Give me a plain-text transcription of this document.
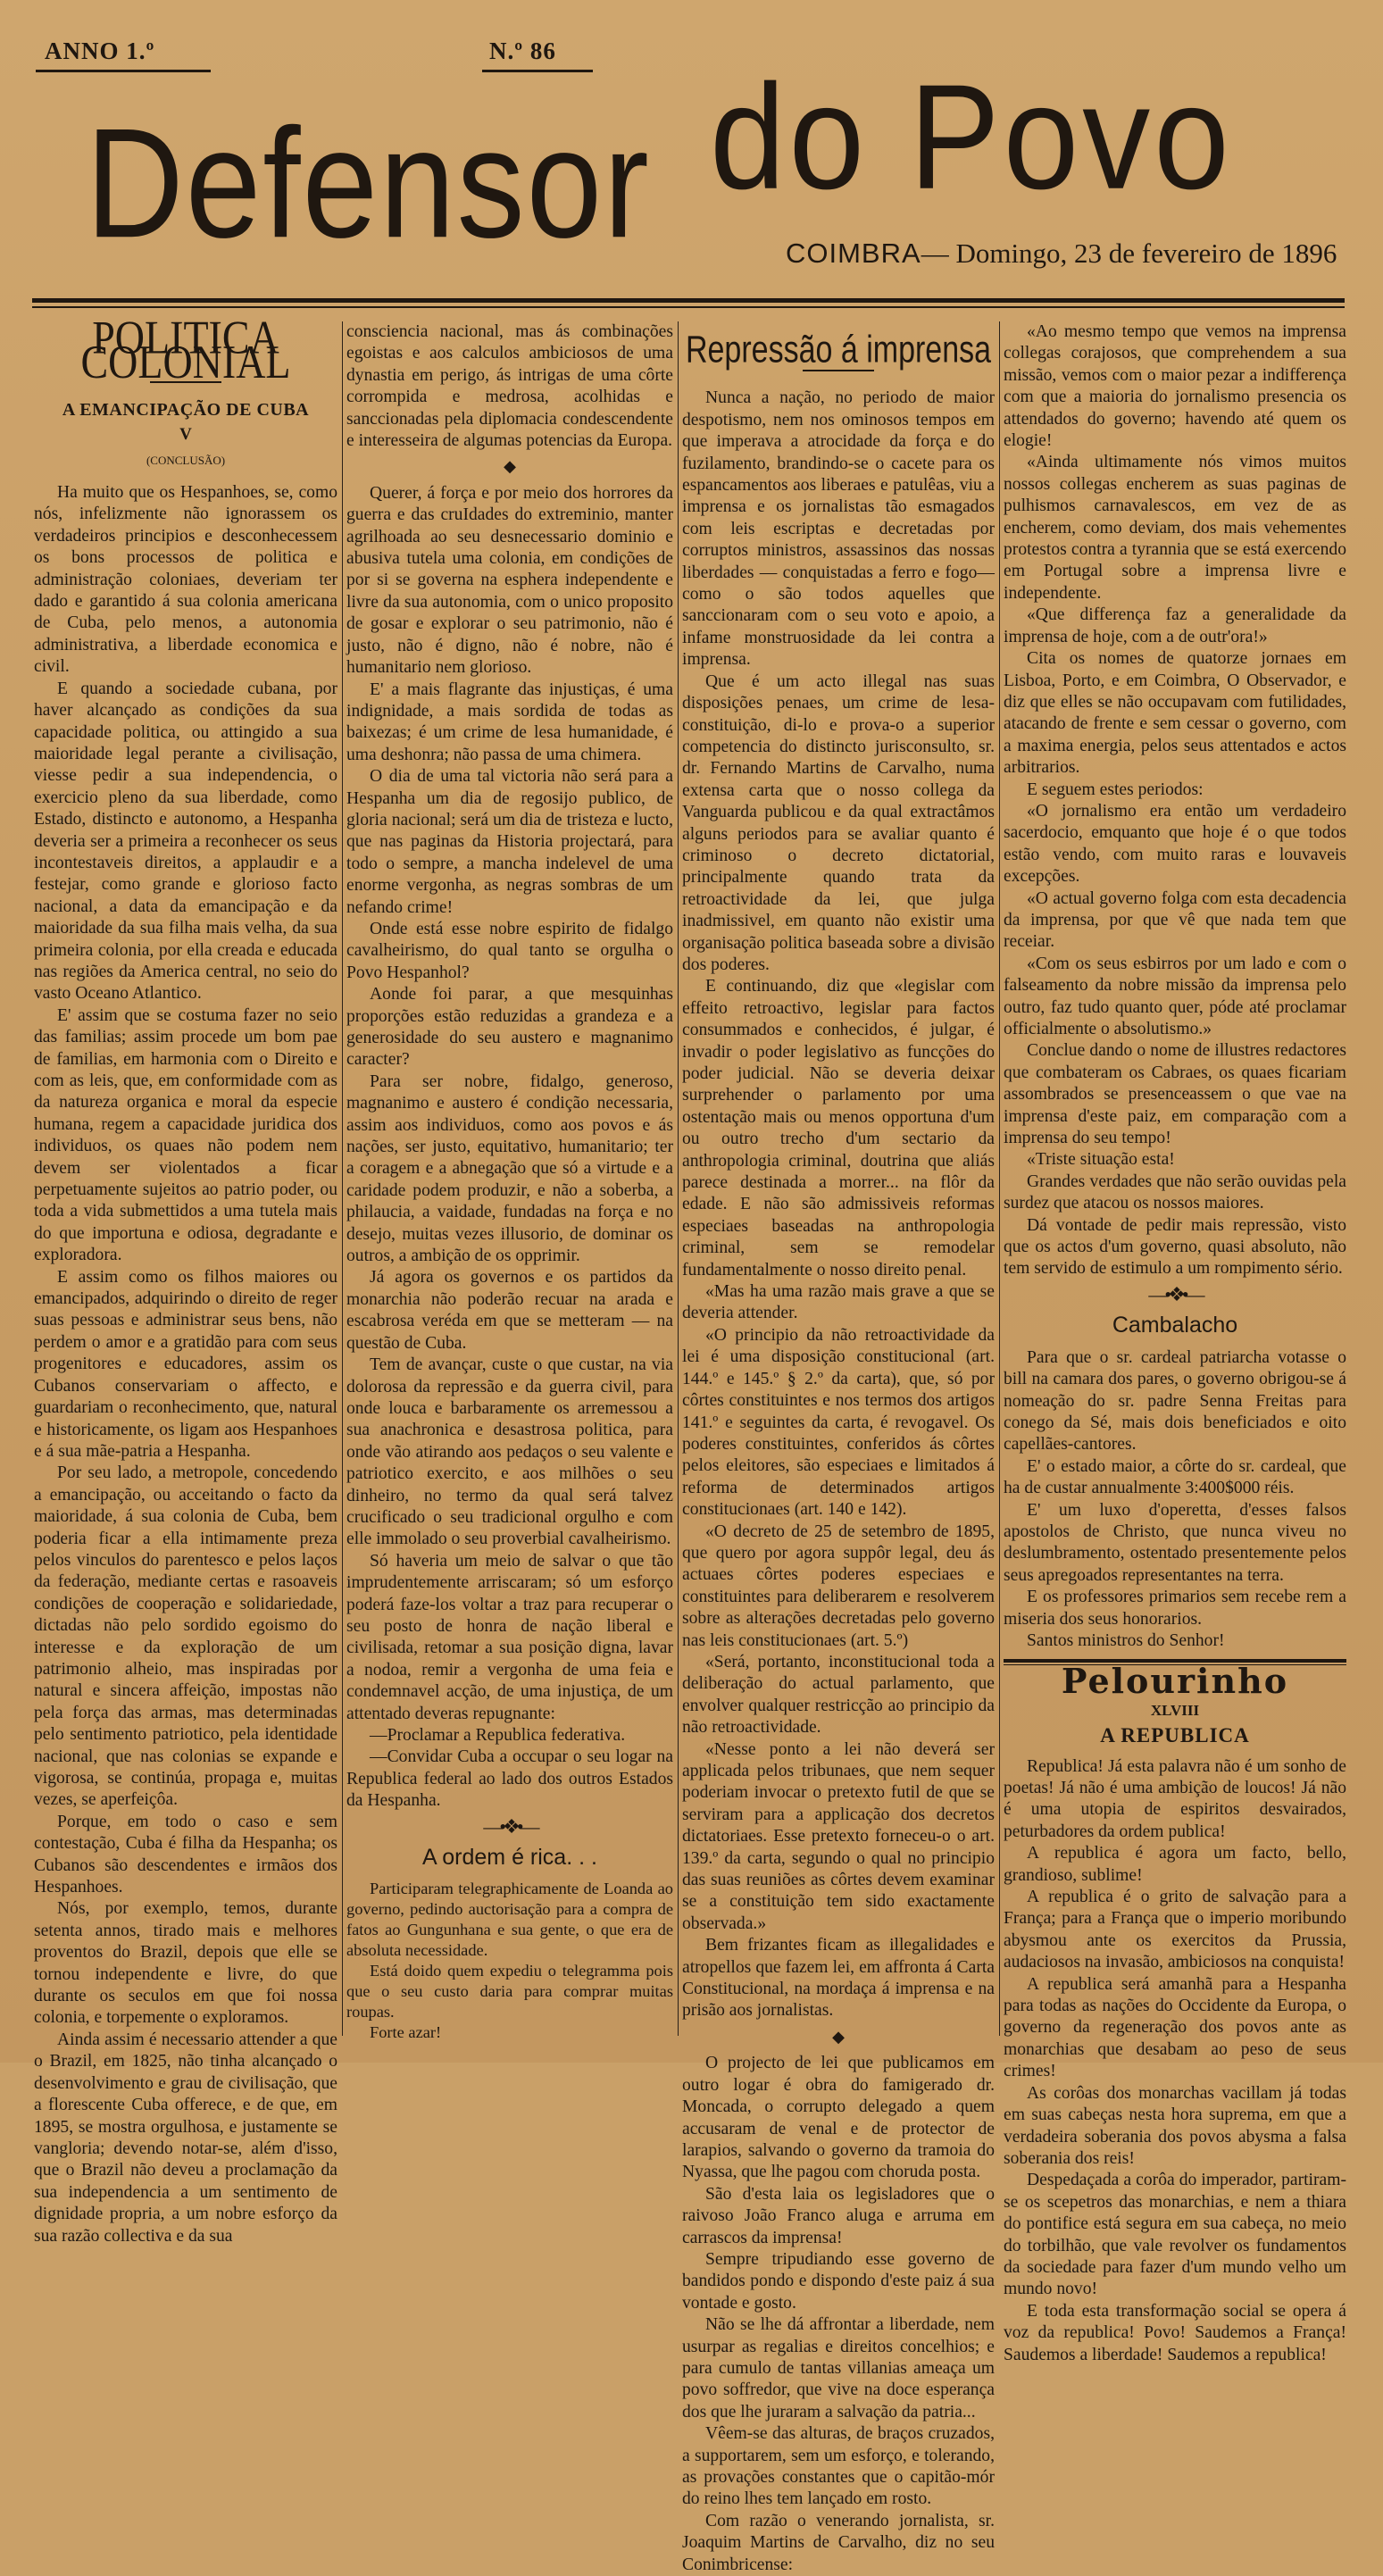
ANNO 1.º	N.º 86
Defensor do Povo
COIMBRA— Domingo, 23 de fevereiro de 1896
POLITICA COLONIAL
A EMANCIPAÇÃO DE CUBA
V
(CONCLUSÃO)

Ha muito que os Hespanhoes, se, como nós, infelizmente não ignorassem os verdadeiros principios e desconhecessem os bons processos de politica e administração coloniaes, deveriam ter dado e garantido á sua colonia americana de Cuba, pelo menos, a autonomia administrativa, a liberdade economica e civil.

E quando a sociedade cubana, por haver alcançado as condições da sua capacidade politica, ou attingido a sua maioridade legal perante a civilisação, viesse pedir a sua independencia, o exercicio pleno da sua liberdade, como Estado, distincto e autonomo, a Hespanha deveria ser a primeira a reconhecer os seus incontestaveis direitos, a applaudir e a festejar, como grande e glorioso facto nacional, a data da emancipação e da maioridade da sua filha mais velha, da sua primeira colonia, por ella creada e educada nas regiões da America central, no seio do vasto Oceano Atlantico.

E' assim que se costuma fazer no seio das familias; assim procede um bom pae de familias, em harmonia com o Direito e com as leis, que, em conformidade com as da natureza organica e moral da especie humana, regem a capacidade juridica dos individuos, os quaes não podem nem devem ser violentados a ficar perpetuamente sujeitos ao patrio poder, ou toda a vida submettidos a uma tutela mais do que importuna e odiosa, degradante e exploradora.

E assim como os filhos maiores ou emancipados, adquirindo o direito de reger suas pessoas e administrar seus bens, não perdem o amor e a gratidão para com seus progenitores e educadores, assim os Cubanos conservariam o affecto, e guardariam o reconhecimento, que, natural e historicamente, os ligam aos Hespanhoes e á sua mãe-patria a Hespanha.

Por seu lado, a metropole, concedendo a emancipação, ou acceitando o facto da maioridade, á sua colonia de Cuba, bem poderia ficar a ella intimamente preza pelos vinculos do parentesco e pelos laços da federação, mediante certas e rasoaveis condições de cooperação e solidariedade, dictadas não pelo sordido egoismo do interesse e da exploração de um patrimonio alheio, mas inspiradas por natural e sincera affeição, impostas não pela força das armas, mas determinadas pelo sentimento patriotico, pela identidade nacional, que nas colonias se expande e vigorosa, se continúa, propaga e, muitas vezes, se aperfeiçôa.

Porque, em todo o caso e sem contestação, Cuba é filha da Hespanha; os Cubanos são descendentes e irmãos dos Hespanhoes.

Nós, por exemplo, temos, durante setenta annos, tirado mais e melhores proventos do Brazil, depois que elle se tornou independente e livre, do que durante os seculos em que foi nossa colonia, e torpemente o exploramos.

Ainda assim é necessario attender a que o Brazil, em 1825, não tinha alcançado o desenvolvimento e grau de civilisação, que a florescente Cuba offerece, e de que, em 1895, se mostra orgulhosa, e justamente se vangloria; devendo notar-se, além d'isso, que o Brazil não deveu a proclamação da sua independencia a um sentimento de dignidade propria, a um nobre esforço da sua razão collectiva e da sua

consciencia nacional, mas ás combinações egoistas e aos calculos ambiciosos de uma dynastia em perigo, ás intrigas de uma côrte corrompida e medrosa, acolhidas e sanccionadas pela diplomacia condescendente e interesseira de algumas potencias da Europa.

◆

Querer, á força e por meio dos horrores da guerra e das cruIdades do extreminio, manter agrilhoada ao seu desnecessario dominio e abusiva tutela uma colonia, em condições de por si se governa na esphera independente e livre da sua autonomia, com o unico proposito de gosar e explorar o seu patrimonio, não é justo, não é digno, não é nobre, não é humanitario nem glorioso.

E' a mais flagrante das injustiças, é uma indignidade, a mais sordida de todas as baixezas; é um crime de lesa humanidade, é uma deshonra; não passa de uma chimera.

O dia de uma tal victoria não será para a Hespanha um dia de regosijo publico, de gloria nacional; será um dia de tristeza e lucto, que nas paginas da Historia projectará, para todo o sempre, a mancha indelevel de uma enorme vergonha, as negras sombras de um nefando crime!

Onde está esse nobre espirito de fidalgo cavalheirismo, do qual tanto se orgulha o Povo Hespanhol?

Aonde foi parar, a que mesquinhas proporções estão reduzidas a grandeza e a generosidade do seu austero e magnanimo caracter?

Para ser nobre, fidalgo, generoso, magnanimo e austero é condição necessaria, assim aos individuos, como aos povos e ás nações, ser justo, equitativo, humanitario; ter a coragem e a abnegação que só a virtude e a caridade podem produzir, e não a soberba, a philaucia, a vaidade, fundadas na força e no desejo, muitas vezes illusorio, de dominar os outros, a ambição de os opprimir.

Já agora os governos e os partidos da monarchia não poderão recuar na arada e escabrosa veréda em que se metteram — na questão de Cuba.

Tem de avançar, custe o que custar, na via dolorosa da repressão e da guerra civil, para onde louca e barbaramente os arremessou a sua anachronica e desastrosa politica, para onde vão atirando aos pedaços o seu valente e patriotico exercito, e aos milhões o seu dinheiro, no termo da qual será talvez crucificado o seu tradicional orgulho e com elle immolado o seu proverbial cavalheirismo.

Só haveria um meio de salvar o que tão imprudentemente arriscaram; só um esforço poderá faze-los voltar a traz para recuperar o seu posto de honra de nação liberal e civilisada, retomar a sua posição digna, lavar a nodoa, remir a vergonha de uma feia e condemnavel acção, de uma injustiça, de um attentado deveras repugnante:

—Proclamar a Republica federativa.

—Convidar Cuba a occupar o seu logar na Republica federal ao lado dos outros Estados da Hespanha.

—•❖•—
A ordem é rica. . .

Participaram telegraphicamente de Loanda ao governo, pedindo auctorisação para a compra de fatos ao Gungunhana e sua gente, o que era de absoluta necessidade.

Está doido quem expediu o telegramma pois que o seu custo daria para comprar muitas roupas.

Forte azar!

Repressão á imprensa

Nunca a nação, no periodo de maior despotismo, nem nos ominosos tempos em que imperava a atrocidade da força e do fuzilamento, brandindo-se o cacete para os espancamentos aos liberaes e patulêas, viu a imprensa e os jornalistas tão esmagados com leis escriptas e decretadas por corruptos ministros, assassinos das nossas liberdades — conquistadas a ferro e fogo—como o são todos aquelles que sanccionaram com o seu voto e apoio, a infame monstruosidade da lei contra a imprensa.

Que é um acto illegal nas suas disposições penaes, um crime de lesa-constituição, di-lo e prova-o a superior competencia do distincto jurisconsulto, sr. dr. Fernando Martins de Carvalho, numa extensa carta que o nosso collega da Vanguarda publicou e da qual extractâmos alguns periodos para se avaliar quanto é criminoso o decreto dictatorial, principalmente quando trata da retroactividade da lei, que julga inadmissivel, em quanto não existir uma organisação politica baseada sobre a divisão dos poderes.

E continuando, diz que «legislar com effeito retroactivo, legislar para factos consummados e conhecidos, é julgar, é invadir o poder legislativo as funcções do poder judicial. Não se deveria deixar surprehender o parlamento por uma ostentação mais ou menos opportuna d'um ou outro trecho d'um sectario da anthropologia criminal, doutrina que aliás parece destinada a morrer... na flôr da edade. E não são admissiveis reformas especiaes baseadas na anthropologia criminal, sem se remodelar fundamentalmente o nosso direito penal.

«Mas ha uma razão mais grave a que se deveria attender.

«O principio da não retroactividade da lei é uma disposição constitucional (art. 144.º e 145.º § 2.º da carta), que, só por côrtes constituintes e nos termos dos artigos 141.º e seguintes da carta, é revogavel. Os poderes constituintes, conferidos ás côrtes pelos eleitores, são especiaes e limitados á reforma de determinados artigos constitucionaes (art. 140 e 142).

«O decreto de 25 de setembro de 1895, que quero por agora suppôr legal, deu ás actuaes côrtes poderes especiaes e constituintes para deliberarem e resolverem sobre as alterações decretadas pelo governo nas leis constitucionaes (art. 5.º)

«Será, portanto, inconstitucional toda a deliberação do actual parlamento, que envolver qualquer restricção ao principio da não retroactividade.

«Nesse ponto a lei não deverá ser applicada pelos tribunaes, que nem sequer poderiam invocar o pretexto futil de que se serviram para a applicação dos decretos dictatoriaes. Esse pretexto forneceu-o o art. 139.º da carta, segundo o qual no principio das suas reuniões as côrtes devem examinar se a constituição tem sido exactamente observada.»

Bem frizantes ficam as illegalidades e atropellos que fazem lei, em affronta á Carta Constitucional, na mordaça á imprensa e na prisão aos jornalistas.

◆

O projecto de lei que publicamos em outro logar é obra do famigerado dr. Moncada, o corrupto delegado a quem accusaram de venal e de protector de larapios, salvando o governo da tramoia do Nyassa, que lhe pagou com choruda posta.

São d'esta laia os legisladores que o raivoso João Franco aluga e arruma em carrascos da imprensa!

Sempre tripudiando esse governo de bandidos pondo e dispondo d'este paiz á sua vontade e gosto.

Não se lhe dá affrontar a liberdade, nem usurpar as regalias e direitos concelhios; e para cumulo de tantas villanias ameaça um povo soffredor, que vive na doce esperança dos que lhe juraram a salvação da patria...

Vêem-se das alturas, de braços cruzados, a supportarem, sem um esforço, e tolerando, as provações constantes que o capitão-mór do reino lhes tem lançado em rosto.

Com razão o venerando jornalista, sr. Joaquim Martins de Carvalho, diz no seu Conimbricense:

«Ao mesmo tempo que vemos na imprensa collegas corajosos, que comprehendem a sua missão, vemos com o maior pezar a indifferença com que a maioria do jornalismo presencia os attendados do governo; havendo até quem os elogie!

«Ainda ultimamente nós vimos muitos nossos collegas encherem as suas paginas de pulhismos carnavalescos, em vez de as encherem, como deviam, dos mais vehementes protestos contra a tyrannia que se está exercendo em Portugal sobre a imprensa livre e independente.

«Que differença faz a generalidade da imprensa de hoje, com a de outr'ora!»

Cita os nomes de quatorze jornaes em Lisboa, Porto, e em Coimbra, O Observador, e diz que elles se não occupavam com futilidades, atacando de frente e sem cessar o governo, com a maxima energia, pelos seus attentados e actos arbitrarios.

E seguem estes periodos:

«O jornalismo era então um verdadeiro sacerdocio, emquanto que hoje é o que todos estão vendo, com muito raras e louvaveis excepções.

«O actual governo folga com esta decadencia da imprensa, por que vê que nada tem que receiar.

«Com os seus esbirros por um lado e com o falseamento da nobre missão da imprensa pelo outro, faz tudo quanto quer, póde até proclamar officialmente o absolutismo.»

Conclue dando o nome de illustres redactores que combateram os Cabraes, os quaes ficariam assombrados se presenceassem o que vae na imprensa d'este paiz, em comparação com a imprensa do seu tempo!

«Triste situação esta!

Grandes verdades que não serão ouvidas pela surdez que atacou os nossos maiores.

Dá vontade de pedir mais repressão, visto que os actos d'um governo, quasi absoluto, não tem servido de estimulo a um rompimento sério.

—•❖•—
Cambalacho

Para que o sr. cardeal patriarcha votasse o bill na camara dos pares, o governo obrigou-se á nomeação do sr. padre Senna Freitas para conego da Sé, mais dois beneficiados e oito capellães-cantores.

E' o estado maior, a côrte do sr. cardeal, que ha de custar annualmente 3:400$000 réis.

E' um luxo d'operetta, d'esses falsos apostolos de Christo, que nunca viveu no deslumbramento, ostentado presentemente pelos seus apregoados representantes na terra.

E os professores primarios sem recebe rem a miseria dos seus honorarios.

Santos ministros do Senhor!

Pelourinho
XLVIII
A REPUBLICA

Republica! Já esta palavra não é um sonho de poetas! Já não é uma ambição de loucos! Já não é uma utopia de espiritos desvairados, peturbadores da ordem publica!

A republica é agora um facto, bello, grandioso, sublime!

A republica é o grito de salvação para a França; para a França que o imperio moribundo abysmou ante os exercitos da Prussia, audaciosos na invasão, ambiciosos na conquista!

A republica será amanhã para a Hespanha para todas as nações do Occidente da Europa, o governo da regeneração dos povos ante as monarchias que desabam ao peso de seus crimes!

As corôas dos monarchas vacillam já todas em suas cabeças nesta hora suprema, em que a verdadeira soberania dos povos abysma a falsa soberania dos reis!

Despedaçada a corôa do imperador, partiram-se os scepetros das monarchias, e nem a thiara do pontifice está segura em sua cabeça, no meio do torbilhão, que vale revolver os fundamentos da sociedade para fazer d'um mundo velho um mundo novo!

E toda esta transformação social se opera á voz da republica! Povo! Saudemos a França! Saudemos a liberdade! Saudemos a republica!
